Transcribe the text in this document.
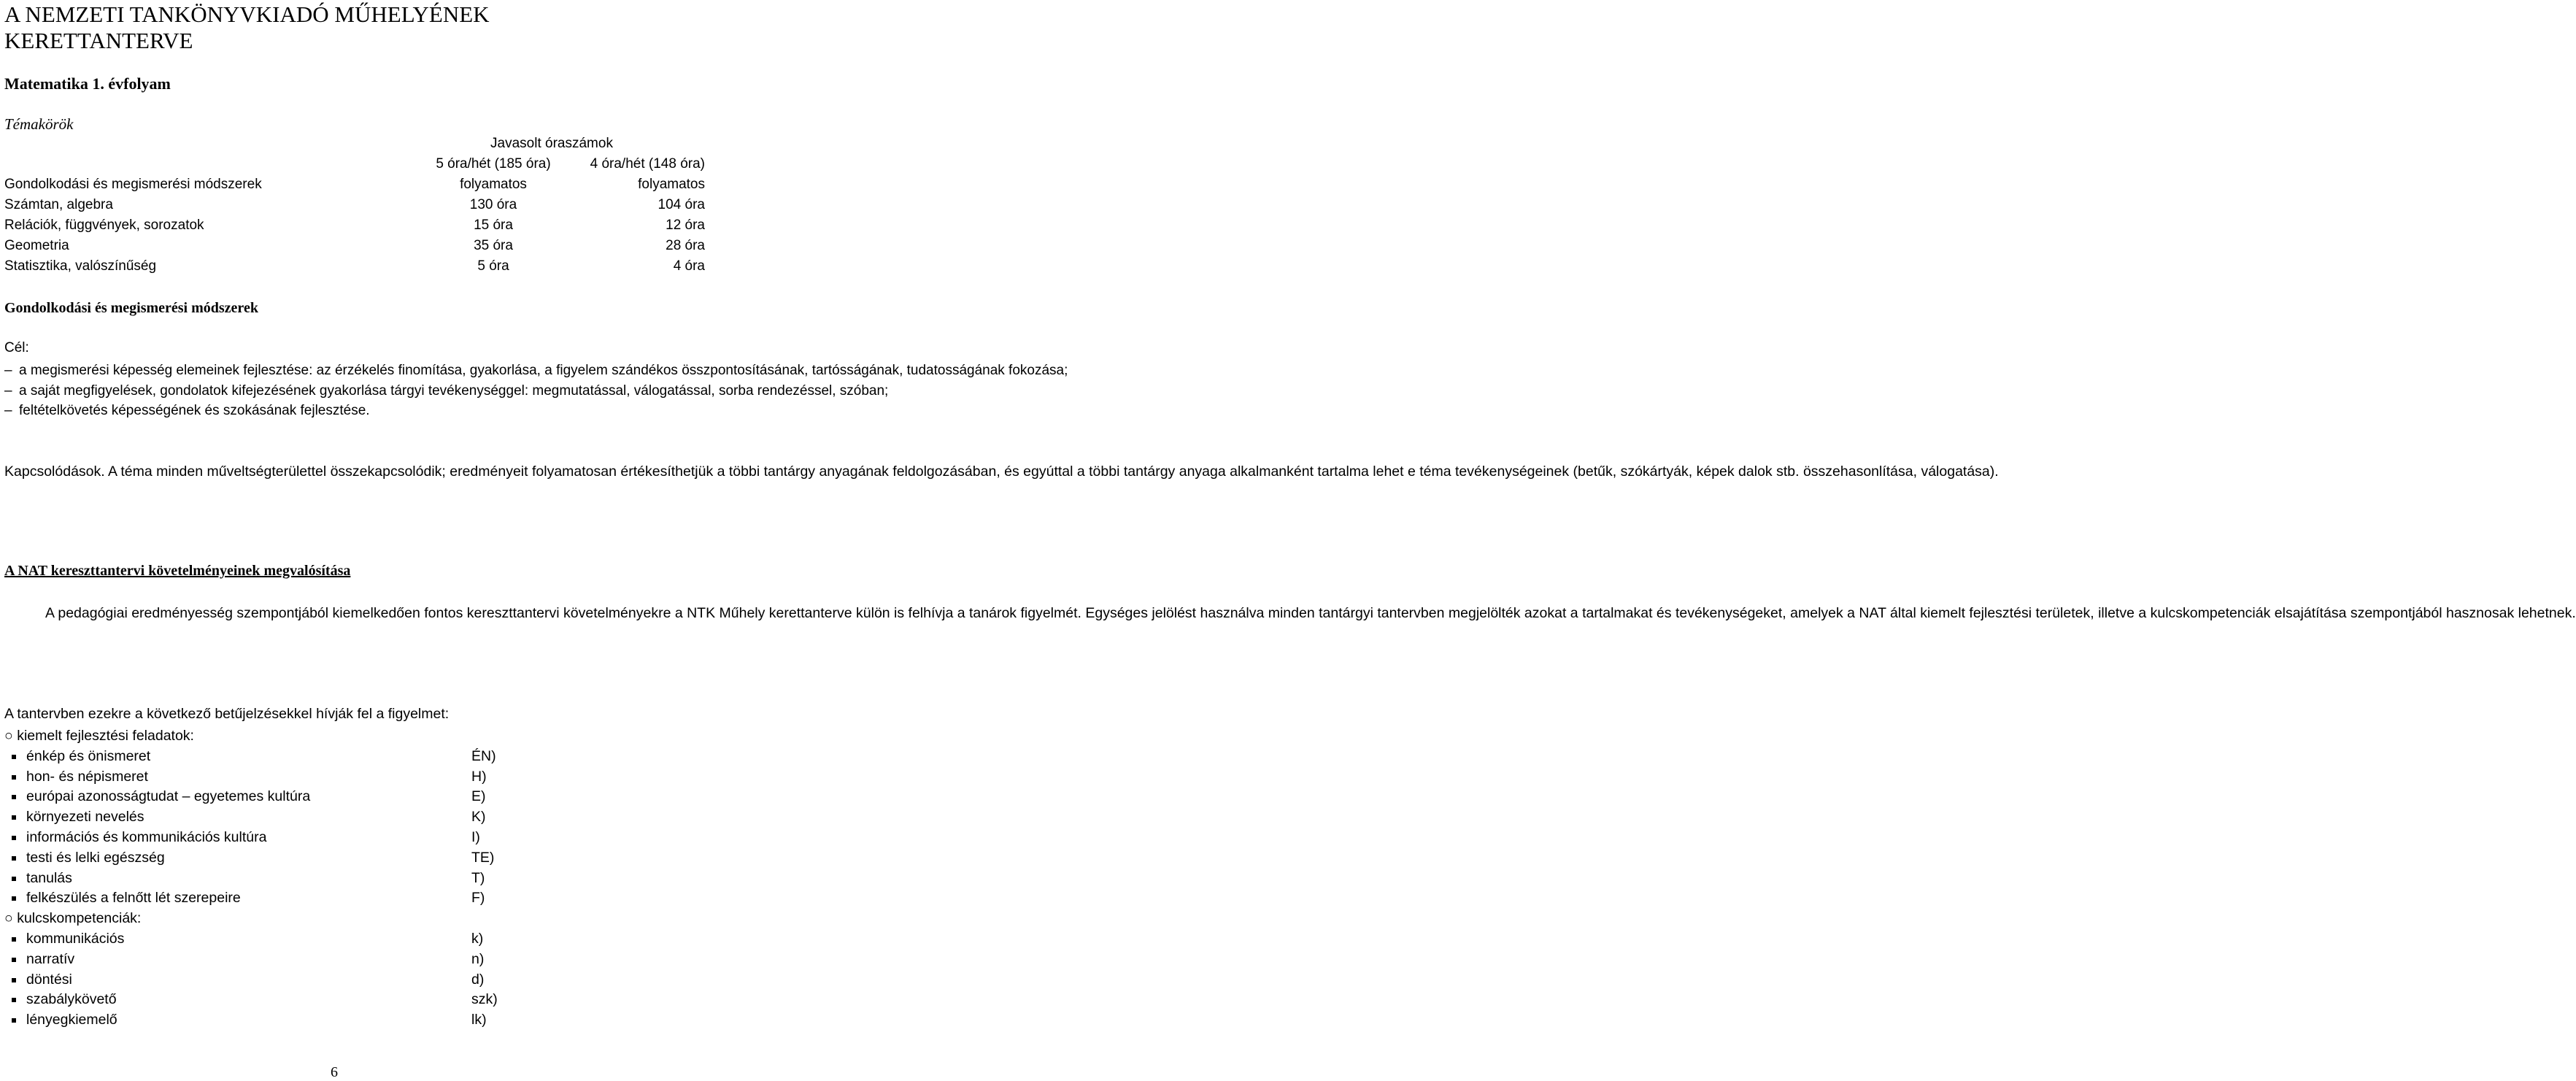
A NEMZETI TANKÖNYVKIADÓ MŰHELYÉNEK KERETTANTERVE
Matematika 1. évfolyam
Témakörök
Javasolt óraszámok
5 óra/hét (185 óra)	4 óra/hét (148 óra)
Gondolkodási és megismerési módszerek	folyamatos	folyamatos
Számtan, algebra	130 óra	104 óra
Relációk, függvények, sorozatok	15 óra	12 óra
Geometria	35 óra	28 óra
Statisztika, valószínűség	5 óra	4 óra
Gondolkodási és megismerési módszerek
Cél:
– a megismerési képesség elemeinek fejlesztése: az érzékelés finomítása, gyakorlása, a figyelem szándékos összpontosításának, tartósságának, tudatosságának fokozása;
– a saját megfigyelések, gondolatok kifejezésének gyakorlása tárgyi tevékenységgel: megmutatással, válogatással, sorba rendezéssel, szóban;
– feltételkövetés képességének és szokásának fejlesztése.
Kapcsolódások. A téma minden műveltségterülettel összekapcsolódik; eredményeit folyamatosan értékesíthetjük a többi tantárgy anyagának feldolgozásában, és egyúttal a többi tantárgy anyaga alkalmanként tartalma lehet e téma tevékenységeinek (betűk, szókártyák, képek dalok stb. összehasonlítása, válogatása).
A NAT kereszttantervi követelményeinek megvalósítása
A pedagógiai eredményesség szempontjából kiemelkedően fontos kereszttantervi követelményekre a NTK Műhely kerettanterve külön is felhívja a tanárok figyelmét. Egységes jelölést használva minden tantárgyi tantervben megjelölték azokat a tartalmakat és tevékenységeket, amelyek a NAT által kiemelt fejlesztési területek, illetve a kulcskompetenciák elsajátítása szempontjából hasznosak lehetnek.
A tantervben ezekre a következő betűjelzésekkel hívják fel a figyelmet:
○ kiemelt fejlesztési feladatok:
énkép és önismeret	ÉN)
hon- és népismeret	H)
európai azonosságtudat – egyetemes kultúra	E)
környezeti nevelés	K)
információs és kommunikációs kultúra	I)
testi és lelki egészség	TE)
tanulás	T)
felkészülés a felnőtt lét szerepeire	F)
○ kulcskompetenciák:
kommunikációs	k)
narratív	n)
döntési	d)
szabálykövető	szk)
lényegkiemelő	lk)
6
